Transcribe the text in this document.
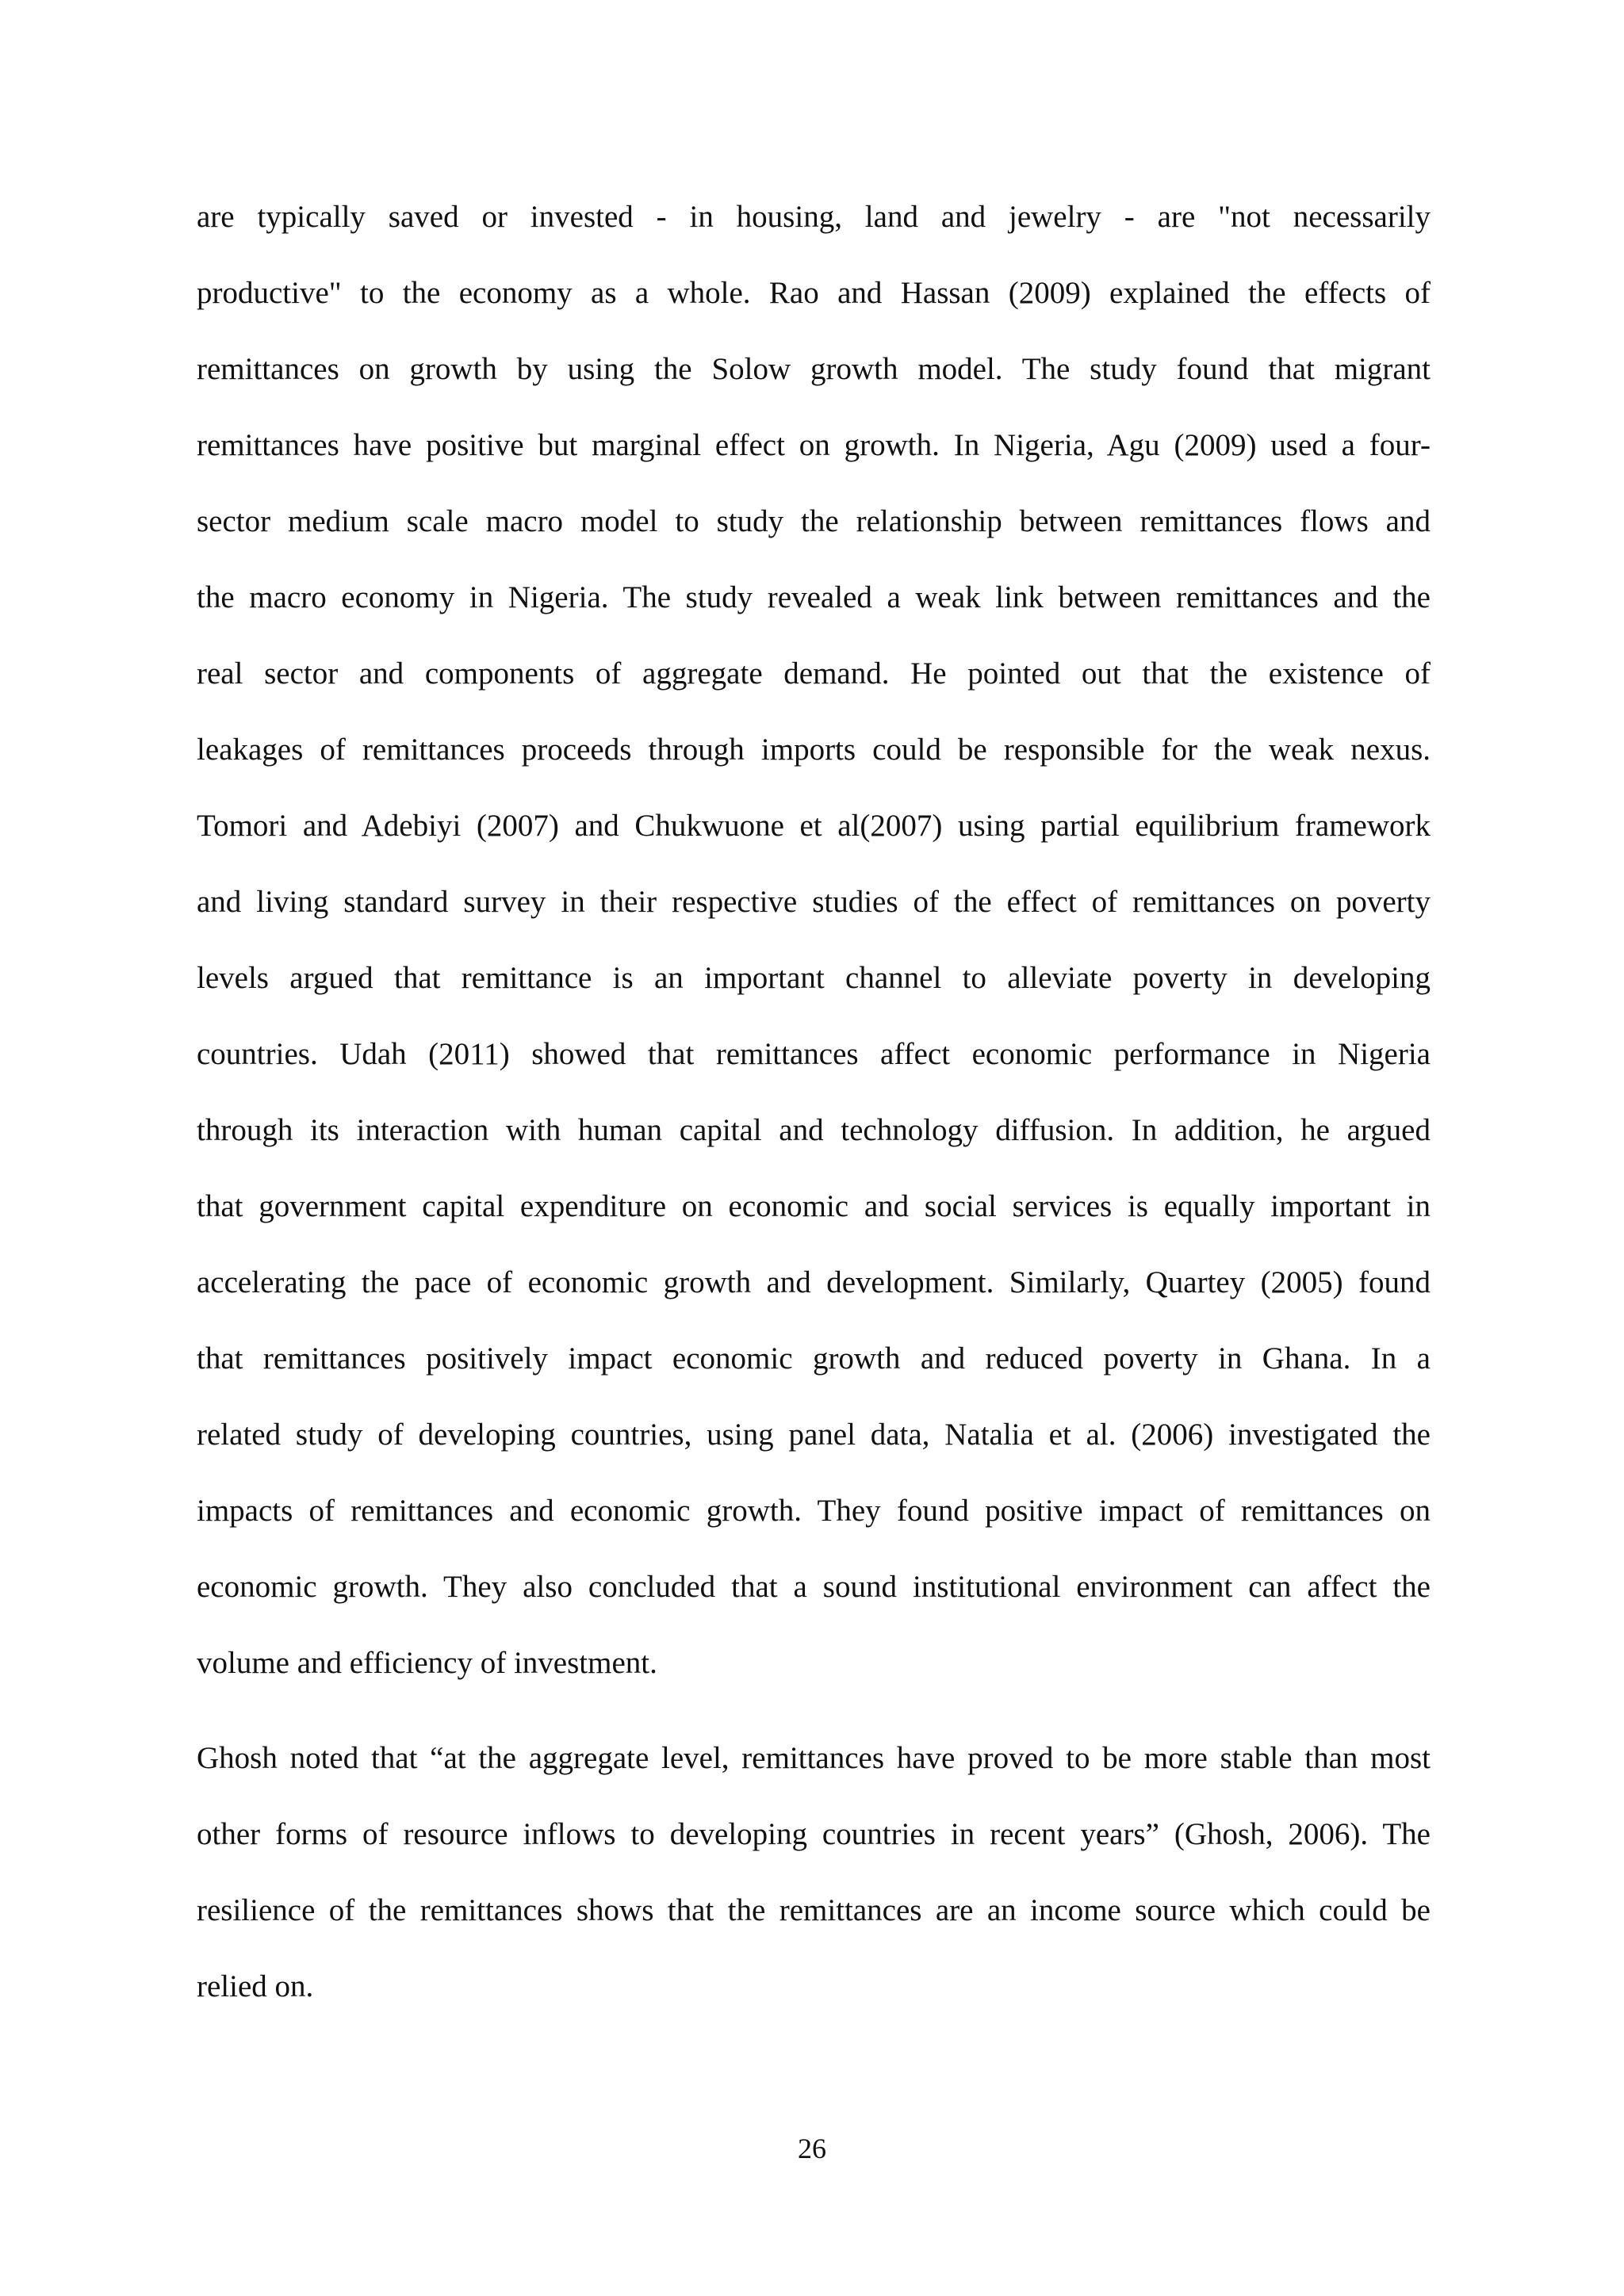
are typically saved or invested - in housing, land and jewelry - are "not necessarily
productive" to the economy as a whole. Rao and Hassan (2009) explained the effects of
remittances on growth by using the Solow growth model. The study found that migrant
remittances have positive but marginal effect on growth. In Nigeria, Agu (2009) used a four-
sector medium scale macro model to study the relationship between remittances flows and
the macro economy in Nigeria. The study revealed a weak link between remittances and the
real sector and components of aggregate demand. He pointed out that the existence of
leakages of remittances proceeds through imports could be responsible for the weak nexus.
Tomori and Adebiyi (2007) and Chukwuone et al(2007) using partial equilibrium framework
and living standard survey in their respective studies of the effect of remittances on poverty
levels argued that remittance is an important channel to alleviate poverty in developing
countries. Udah (2011) showed that remittances affect economic performance in Nigeria
through its interaction with human capital and technology diffusion. In addition, he argued
that government capital expenditure on economic and social services is equally important in
accelerating the pace of economic growth and development. Similarly, Quartey (2005) found
that remittances positively impact economic growth and reduced poverty in Ghana. In a
related study of developing countries, using panel data, Natalia et al. (2006) investigated the
impacts of remittances and economic growth. They found positive impact of remittances on
economic growth. They also concluded that a sound institutional environment can affect the
volume and efficiency of investment.
Ghosh noted that “at the aggregate level, remittances have proved to be more stable than most
other forms of resource inflows to developing countries in recent years” (Ghosh, 2006). The
resilience of the remittances shows that the remittances are an income source which could be
relied on.
26
